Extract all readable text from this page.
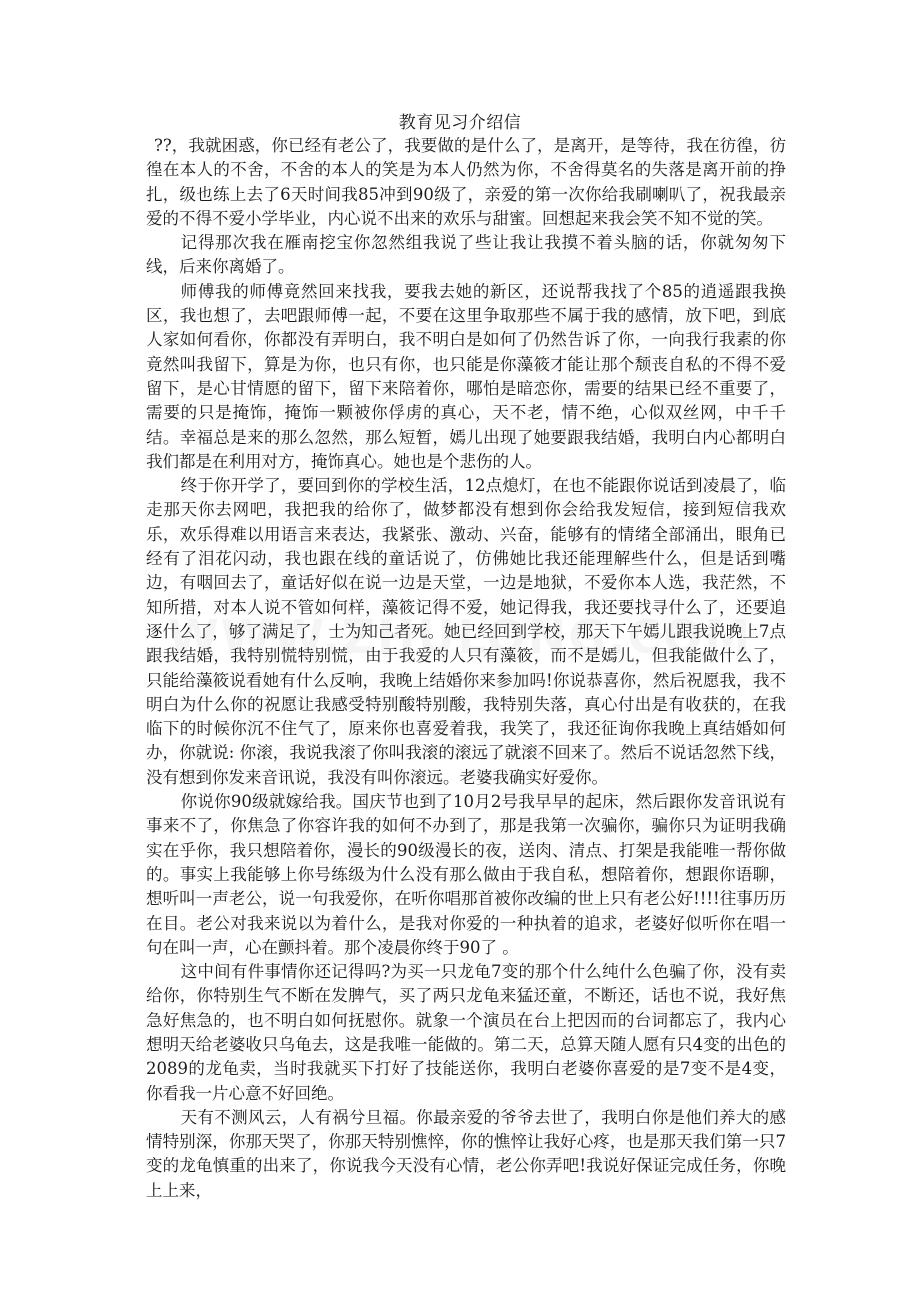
教育见习介绍信

??，我就困惑，你已经有老公了，我要做的是什么了，是离开，是等待，我在彷徨，彷徨在本人的不舍，不舍的本人的笑是为本人仍然为你，不舍得莫名的失落是离开前的挣扎，级也练上去了6天时间我85冲到90级了，亲爱的第一次你给我刷喇叭了，祝我最亲爱的不得不爱小学毕业，内心说不出来的欢乐与甜蜜。回想起来我会笑不知不觉的笑。

记得那次我在雁南挖宝你忽然组我说了些让我让我摸不着头脑的话，你就匆匆下线，后来你离婚了。

师傅我的师傅竟然回来找我，要我去她的新区，还说帮我找了个85的逍遥跟我换区，我也想了，去吧跟师傅一起，不要在这里争取那些不属于我的感情，放下吧，到底人家如何看你，你都没有弄明白，我不明白是如何了仍然告诉了你，一向我行我素的你竟然叫我留下，算是为你，也只有你，也只能是你藻筱才能让那个颓丧自私的不得不爱留下，是心甘情愿的留下，留下来陪着你，哪怕是暗恋你，需要的结果已经不重要了，需要的只是掩饰，掩饰一颗被你俘虏的真心，天不老，情不绝，心似双丝网，中千千结。幸福总是来的那么忽然，那么短暂，嫣儿出现了她要跟我结婚，我明白内心都明白我们都是在利用对方，掩饰真心。她也是个悲伤的人。

终于你开学了，要回到你的学校生活，12点熄灯，在也不能跟你说话到凌晨了，临走那天你去网吧，我把我的给你了，做梦都没有想到你会给我发短信，接到短信我欢乐，欢乐得难以用语言来表达，我紧张、激动、兴奋，能够有的情绪全部涌出，眼角已经有了泪花闪动，我也跟在线的童话说了，仿佛她比我还能理解些什么，但是话到嘴边，有咽回去了，童话好似在说一边是天堂，一边是地狱，不爱你本人选，我茫然，不知所措，对本人说不管如何样，藻筱记得不爱，她记得我，我还要找寻什么了，还要追逐什么了，够了满足了，士为知己者死。她已经回到学校，那天下午嫣儿跟我说晚上7点跟我结婚，我特别慌特别慌，由于我爱的人只有藻筱，而不是嫣儿，但我能做什么了，只能给藻筱说看她有什么反响，我晚上结婚你来参加吗!你说恭喜你，然后祝愿我，我不明白为什么你的祝愿让我感受特别酸特别酸，我特别失落，真心付出是有收获的，在我临下的时候你沉不住气了，原来你也喜爱着我，我笑了，我还征询你我晚上真结婚如何办，你就说: 你滚，我说我滚了你叫我滚的滚远了就滚不回来了。然后不说话忽然下线，没有想到你发来音讯说，我没有叫你滚远。老婆我确实好爱你。

你说你90级就嫁给我。国庆节也到了10月2号我早早的起床，然后跟你发音讯说有事来不了，你焦急了你容许我的如何不办到了，那是我第一次骗你，骗你只为证明我确实在乎你，我只想陪着你，漫长的90级漫长的夜，送肉、清点、打架是我能唯一帮你做的。事实上我能够上你号练级为什么没有那么做由于我自私，想陪着你，想跟你语聊，想听叫一声老公，说一句我爱你，在听你唱那首被你改编的世上只有老公好!!!!往事历历在目。老公对我来说以为着什么，是我对你爱的一种执着的追求，老婆好似听你在唱一句在叫一声，心在颤抖着。那个凌晨你终于90了 。

这中间有件事情你还记得吗?为买一只龙龟7变的那个什么纯什么色骗了你，没有卖给你，你特别生气不断在发脾气，买了两只龙龟来猛还童，不断还，话也不说，我好焦急好焦急的，也不明白如何抚慰你。就象一个演员在台上把因而的台词都忘了，我内心想明天给老婆收只乌龟去，这是我唯一能做的。第二天，总算天随人愿有只4变的出色的2089的龙龟卖，当时我就买下打好了技能送你，我明白老婆你喜爱的是7变不是4变，你看我一片心意不好回绝。

天有不测风云，人有祸兮旦福。你最亲爱的爷爷去世了，我明白你是他们养大的感情特别深，你那天哭了，你那天特别憔悴，你的憔悴让我好心疼，也是那天我们第一只7变的龙龟慎重的出来了，你说我今天没有心情，老公你弄吧!我说好保证完成任务，你晚上上来，
